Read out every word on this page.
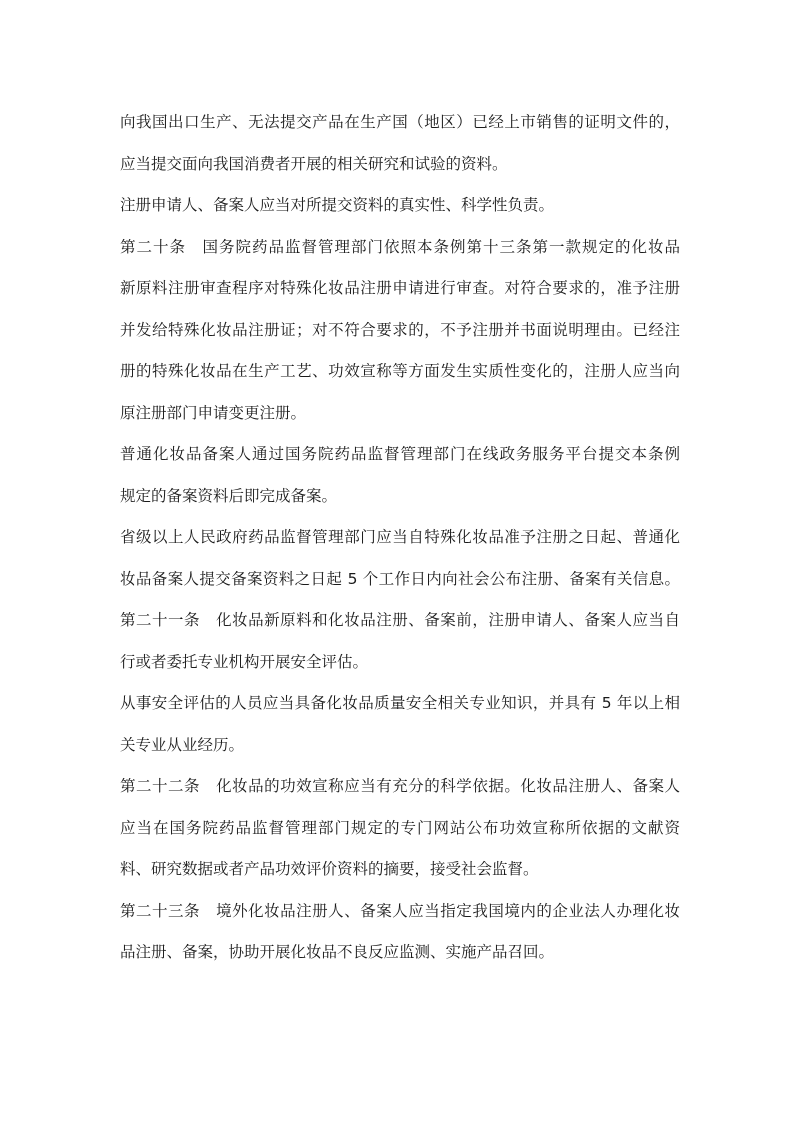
向我国出口生产、无法提交产品在生产国（地区）已经上市销售的证明文件的，
应当提交面向我国消费者开展的相关研究和试验的资料。
注册申请人、备案人应当对所提交资料的真实性、科学性负责。
第二十条　国务院药品监督管理部门依照本条例第十三条第一款规定的化妆品
新原料注册审查程序对特殊化妆品注册申请进行审查。对符合要求的，准予注册
并发给特殊化妆品注册证；对不符合要求的，不予注册并书面说明理由。已经注
册的特殊化妆品在生产工艺、功效宣称等方面发生实质性变化的，注册人应当向
原注册部门申请变更注册。
普通化妆品备案人通过国务院药品监督管理部门在线政务服务平台提交本条例
规定的备案资料后即完成备案。
省级以上人民政府药品监督管理部门应当自特殊化妆品准予注册之日起、普通化
妆品备案人提交备案资料之日起 5 个工作日内向社会公布注册、备案有关信息。
第二十一条　化妆品新原料和化妆品注册、备案前，注册申请人、备案人应当自
行或者委托专业机构开展安全评估。
从事安全评估的人员应当具备化妆品质量安全相关专业知识，并具有 5 年以上相
关专业从业经历。
第二十二条　化妆品的功效宣称应当有充分的科学依据。化妆品注册人、备案人
应当在国务院药品监督管理部门规定的专门网站公布功效宣称所依据的文献资
料、研究数据或者产品功效评价资料的摘要，接受社会监督。
第二十三条　境外化妆品注册人、备案人应当指定我国境内的企业法人办理化妆
品注册、备案，协助开展化妆品不良反应监测、实施产品召回。
